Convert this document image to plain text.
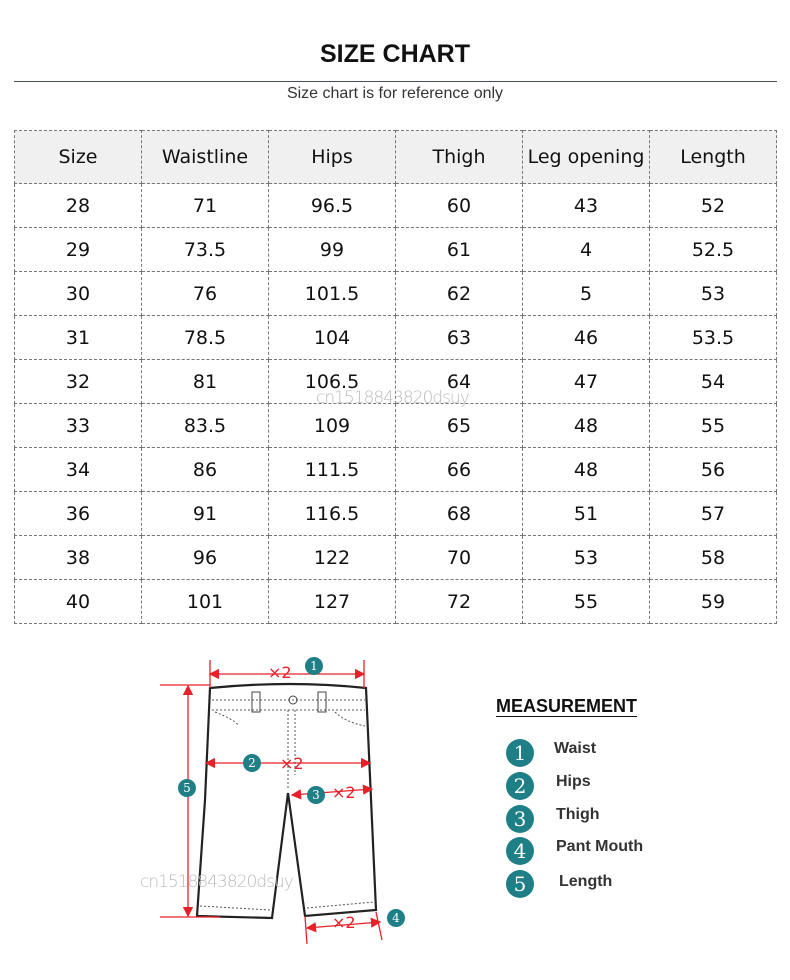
SIZE CHART
Size chart is for reference only
Size	Waistline	Hips	Thigh	Leg opening	Length
28	71	96.5	60	43	52
29	73.5	99	61	4	52.5
30	76	101.5	62	5	53
31	78.5	104	63	46	53.5
32	81	106.5	64	47	54
33	83.5	109	65	48	55
34	86	111.5	66	48	56
36	91	116.5	68	51	57
38	96	122	70	53	58
40	101	127	72	55	59
cn1518843820dsuy
×2
×2
×2
×2
1
2
3
4
5
cn1518843820dsuy
MEASUREMENT
1	Waist
2	Hips
3	Thigh
4	Pant Mouth
5	Length
